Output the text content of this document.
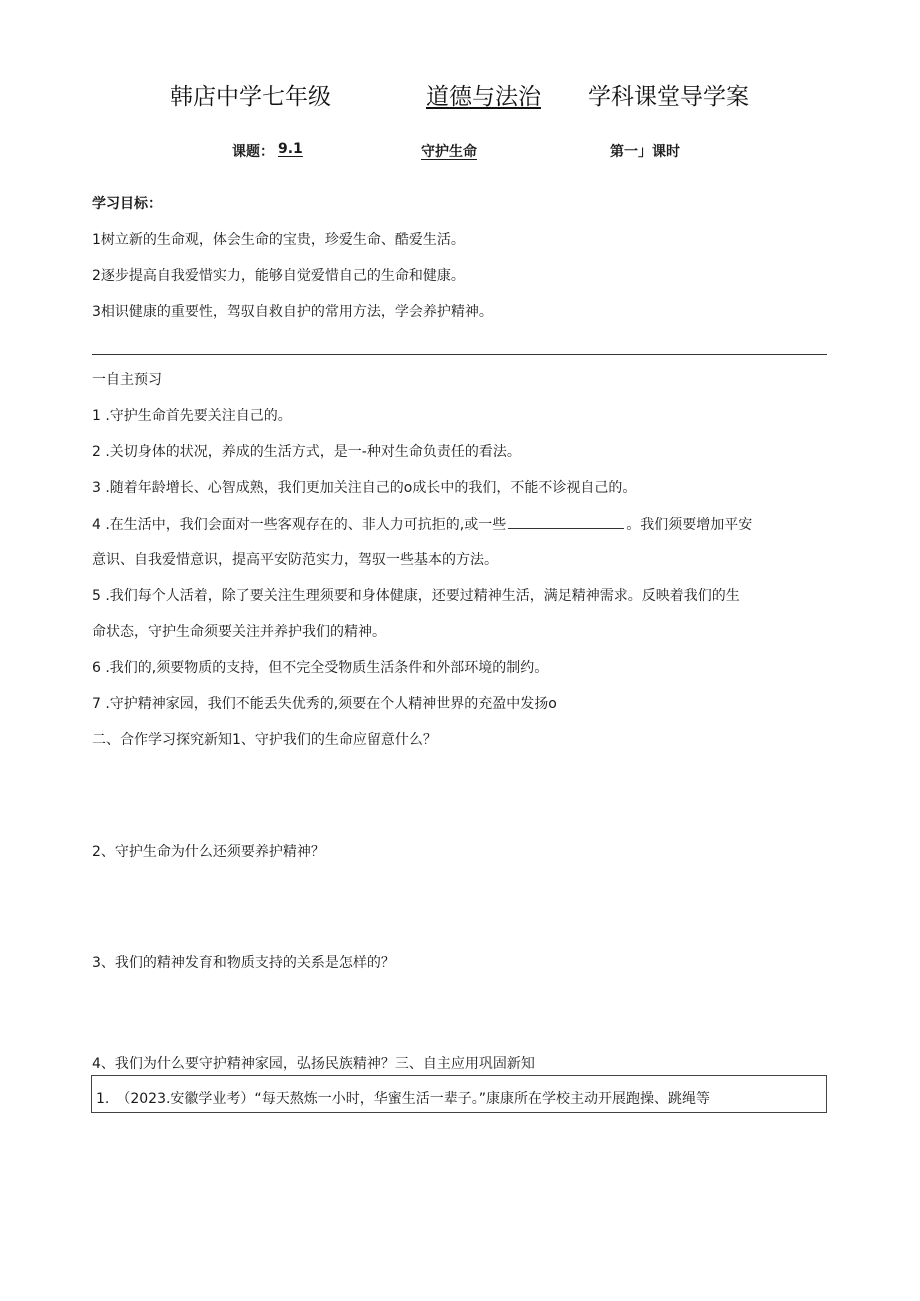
韩店中学七年级	道德与法治 学科课堂导学案
课题： 9.1	守护生命	第一」课时
学习目标：
1树立新的生命观，体会生命的宝贵，珍爱生命、酷爱生活。
2逐步提高自我爱惜实力，能够自觉爱惜自己的生命和健康。
3相识健康的重要性，驾驭自救自护的常用方法，学会养护精神。
一自主预习
1 .守护生命首先要关注自己的。
2 .关切身体的状况，养成的生活方式，是一-种对生命负责任的看法。
3 .随着年龄增长、心智成熟，我们更加关注自己的ο成长中的我们，不能不诊视自己的。
4 .在生活中，我们会面对一些客观存在的、非人力可抗拒的,或一些	。我们须要增加平安
意识、自我爱惜意识，提高平安防范实力，驾驭一些基本的方法。
5 .我们每个人活着，除了要关注生理须要和身体健康，还要过精神生活，满足精神需求。反映着我们的生
命状态，守护生命须要关注并养护我们的精神。
6 .我们的,须要物质的支持，但不完全受物质生活条件和外部环境的制约。
7 .守护精神家园，我们不能丢失优秀的,须要在个人精神世界的充盈中发扬ο
二、合作学习探究新知1、守护我们的生命应留意什么？
2、守护生命为什么还须要养护精神？
3、我们的精神发育和物质支持的关系是怎样的？
4、我们为什么要守护精神家园，弘扬民族精神？三、自主应用巩固新知
1.　（2023.安徽学业考）“每天熬炼一小时，华蜜生活一辈子。”康康所在学校主动开展跑操、跳绳等
